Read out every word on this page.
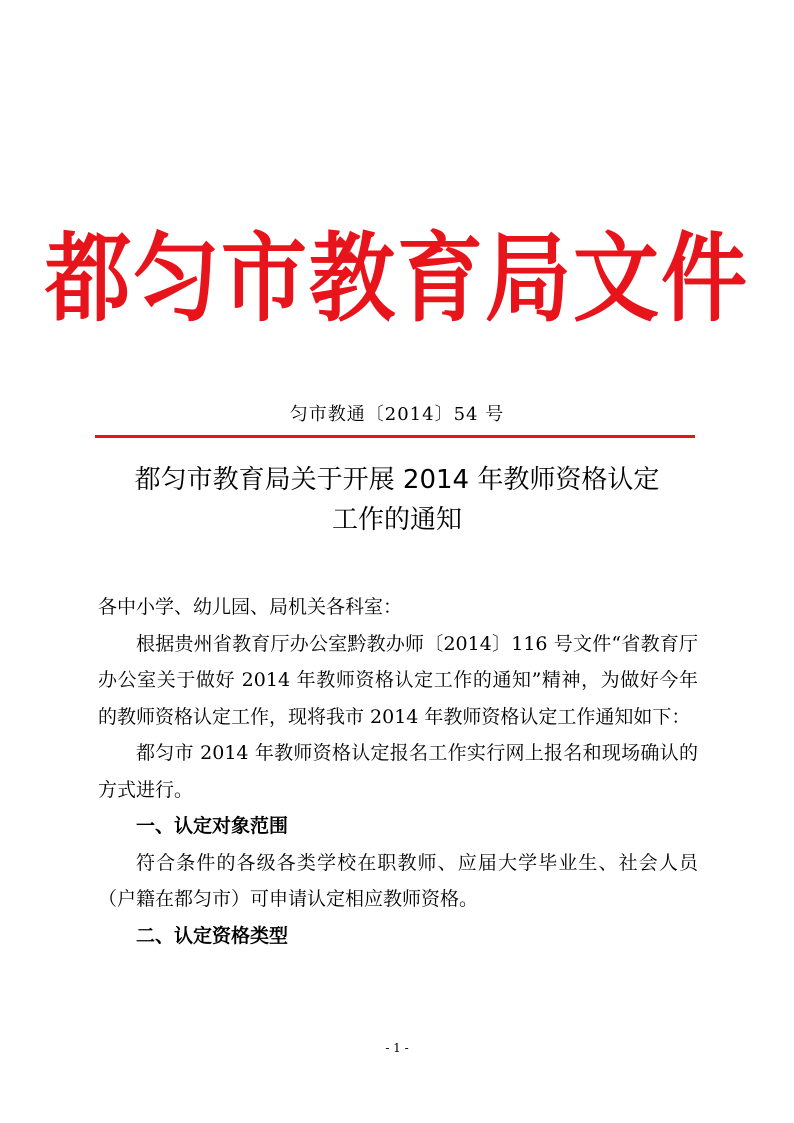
都匀市教育局文件
匀市教通〔2014〕54 号
都匀市教育局关于开展 2014 年教师资格认定
工作的通知

各中小学、幼儿园、局机关各科室：

根据贵州省教育厅办公室黔教办师〔2014〕116 号文件“省教育厅办公室关于做好 2014 年教师资格认定工作的通知”精神，为做好今年的教师资格认定工作，现将我市 2014 年教师资格认定工作通知如下：

都匀市 2014 年教师资格认定报名工作实行网上报名和现场确认的方式进行。

一、认定对象范围

符合条件的各级各类学校在职教师、应届大学毕业生、社会人员（户籍在都匀市）可申请认定相应教师资格。

二、认定资格类型

- 1 -
